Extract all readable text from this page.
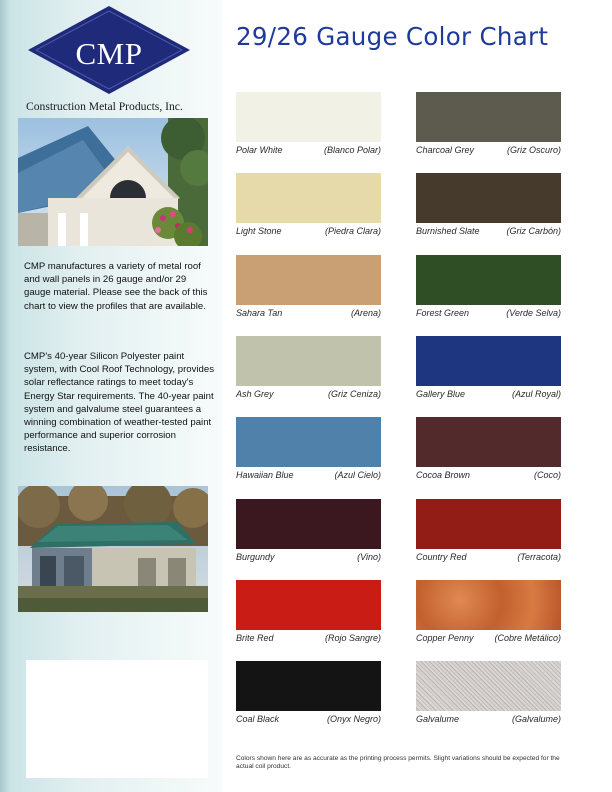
CMP
Construction Metal Products, Inc.
CMP manufactures a variety of metal roof and wall panels in 26 gauge and/or 29 gauge material. Please see the back of this chart to view the profiles that are available.
CMP's 40-year Silicon Polyester paint system, with Cool Roof Technology, provides solar reflectance ratings to meet today's Energy Star requirements. The 40-year paint system and galvalume steel guarantees a winning combination of weather-tested paint performance and superior corrosion resistance.
29/26 Gauge Color Chart
Polar White	(Blanco Polar)	Charcoal Grey	(Griz Oscuro)
Light Stone	(Piedra Clara)	Burnished Slate	(Griz Carbón)
Sahara Tan	(Arena)	Forest Green	(Verde Selva)
Ash Grey	(Griz Ceniza)	Gallery Blue	(Azul Royal)
Hawaiian Blue	(Azul Cielo)	Cocoa Brown	(Coco)
Burgundy	(Vino)	Country Red	(Terracota)
Brite Red	(Rojo Sangre)	Copper Penny	(Cobre Metálico)
Coal Black	(Onyx Negro)	Galvalume	(Galvalume)
Colors shown here are as accurate as the printing process permits. Slight variations should be expected for the actual coil product.
